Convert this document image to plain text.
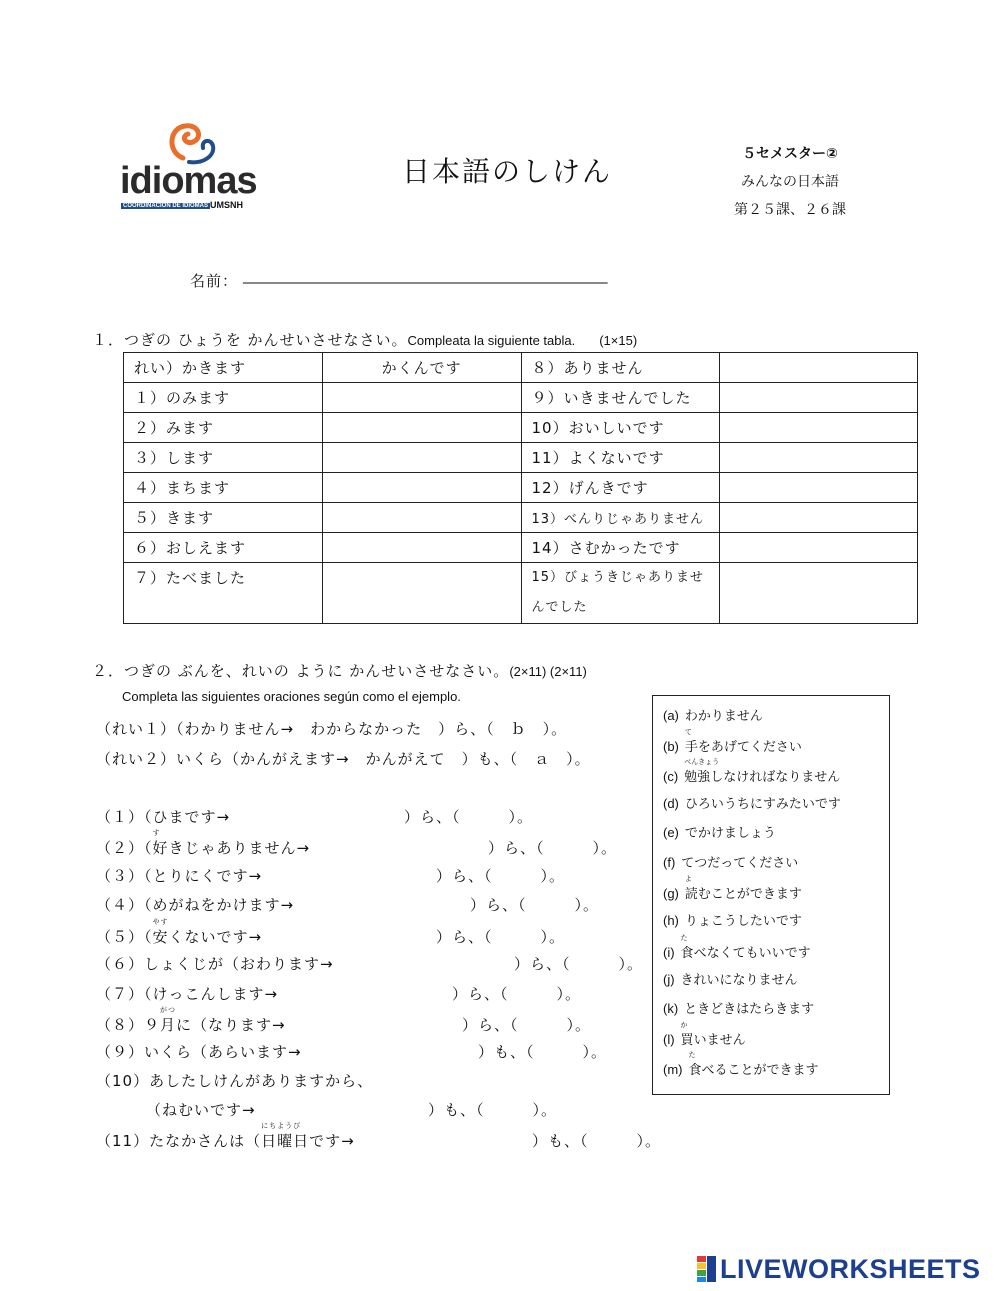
idiomas
COORDINACIÓN DE IDIOMAS UMSNH
日本語のしけん
５セメスター②
みんなの日本語
第２５課、２６課
名前： ________________________________________________________
１．つぎの ひょうを かんせいさせなさい。Compleata la siguiente tabla. (1×15)
れい）かきます	かくんです	８）ありません	
１）のみます		９）いきませんでした	
２）みます		10）おいしいです	
３）します		11）よくないです	
４）まちます		12）げんきです	
５）きます		13）べんりじゃありません	
６）おしえます		14）さむかったです	
７）たべました		15）びょうきじゃありませんでした	
２．つぎの ぶんを、れいの ように かんせいさせなさい。(2×11) (2×11)
Completa las siguientes oraciones según como el ejemplo.
（れい１）（わかりません→　わからなかった　）ら、（　ｂ　）。
（れい２）いくら（かんがえます→　かんがえて　）も、（　ａ　）。
（１）（ひまです→	）ら、（　　　）。
（２）（
す
好きじゃありません→	）ら、（　　　）。
（３）（とりにくです→	）ら、（　　　）。
（４）（めがねをかけます→	）ら、（　　　）。
（５）（
やす
安くないです→	）ら、（　　　）。
（６）しょくじが（おわります→	）ら、（　　　）。
（７）（けっこんします→	）ら、（　　　）。
（８）９
がつ
月に（なります→	）ら、（　　　）。
（９）いくら（あらいます→	）も、（　　　）。
（10）あしたしけんがありますから、
（ねむいです→	）も、（　　　）。
（11）たなかさんは（
にちようび
日曜日です→	）も、（　　　）。
(a) わかりません
(b)
て
手をあげてください
(c)
べんきょう
勉強しなければなりません
(d) ひろいうちにすみたいです
(e) でかけましょう
(f) てつだってください
(g)
よ
読むことができます
(h) りょこうしたいです
(i)
た
食べなくてもいいです
(j) きれいになりません
(k) ときどきはたらきます
(l)
か
買いません
(m)
た
食べることができます
LIVEWORKSHEETS
